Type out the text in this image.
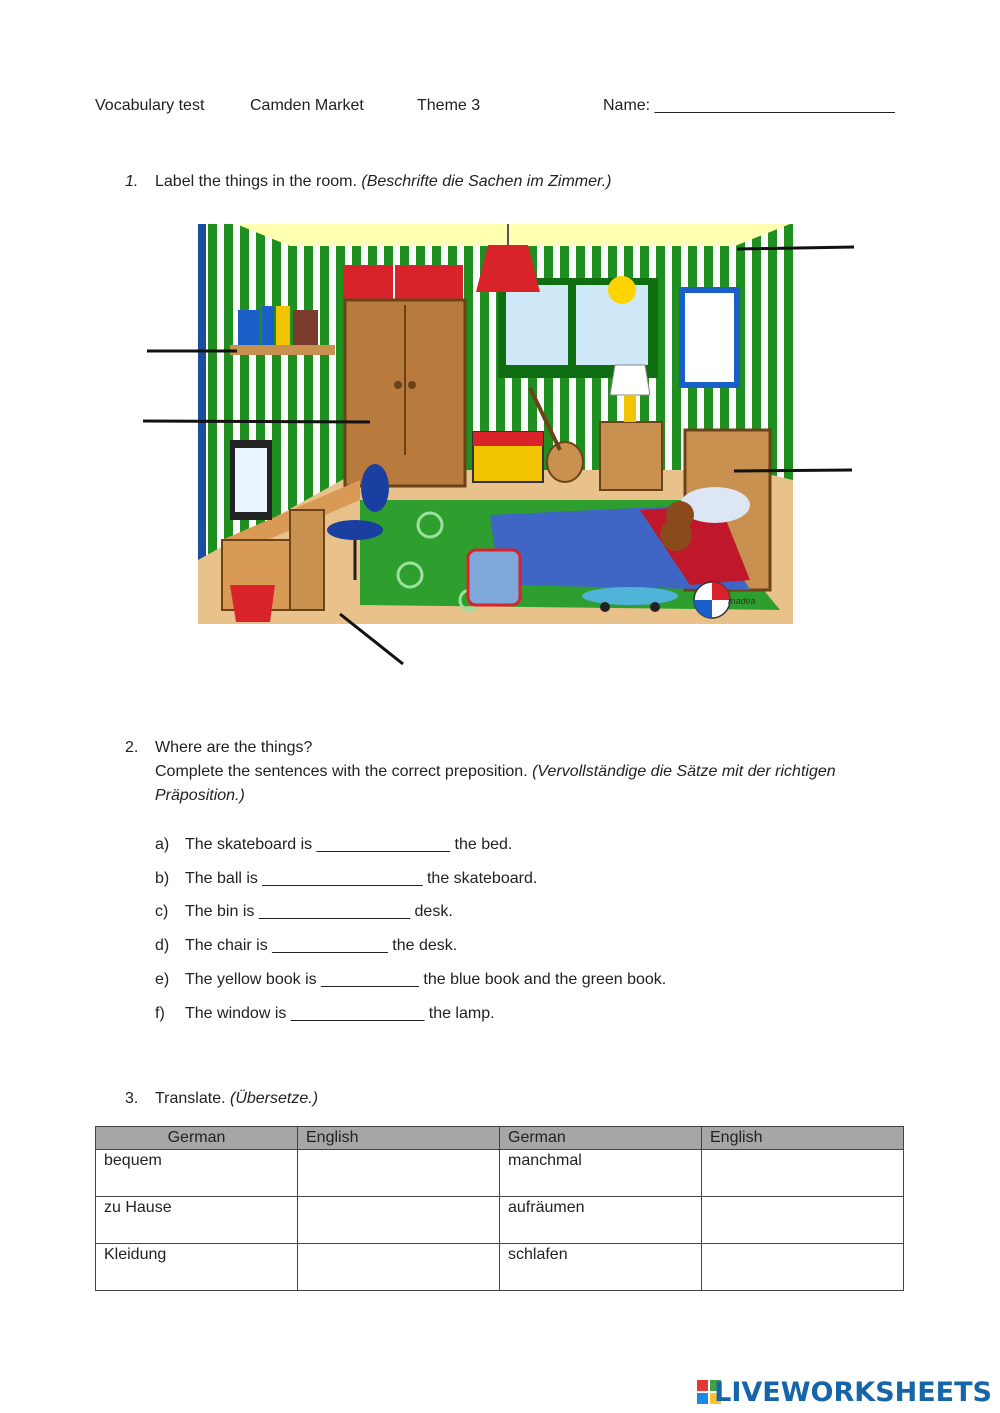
Vocabulary test	Camden Market	Theme 3	Name: ___________________________
1. Label the things in the room. (Beschrifte die Sachen im Zimmer.)
madea
2. Where are the things?
Complete the sentences with the correct preposition. (Vervollständige die Sätze mit der richtigen
Präposition.)
a) The skateboard is _______________ the bed.
b) The ball is __________________ the skateboard.
c) The bin is _________________ desk.
d) The chair is _____________ the desk.
e) The yellow book is ___________ the blue book and the green book.
f) The window is _______________ the lamp.
3. Translate. (Übersetze.)
German	English	German	English
bequem		manchmal	
zu Hause		aufräumen	
Kleidung		schlafen	
LIVEWORKSHEETS
